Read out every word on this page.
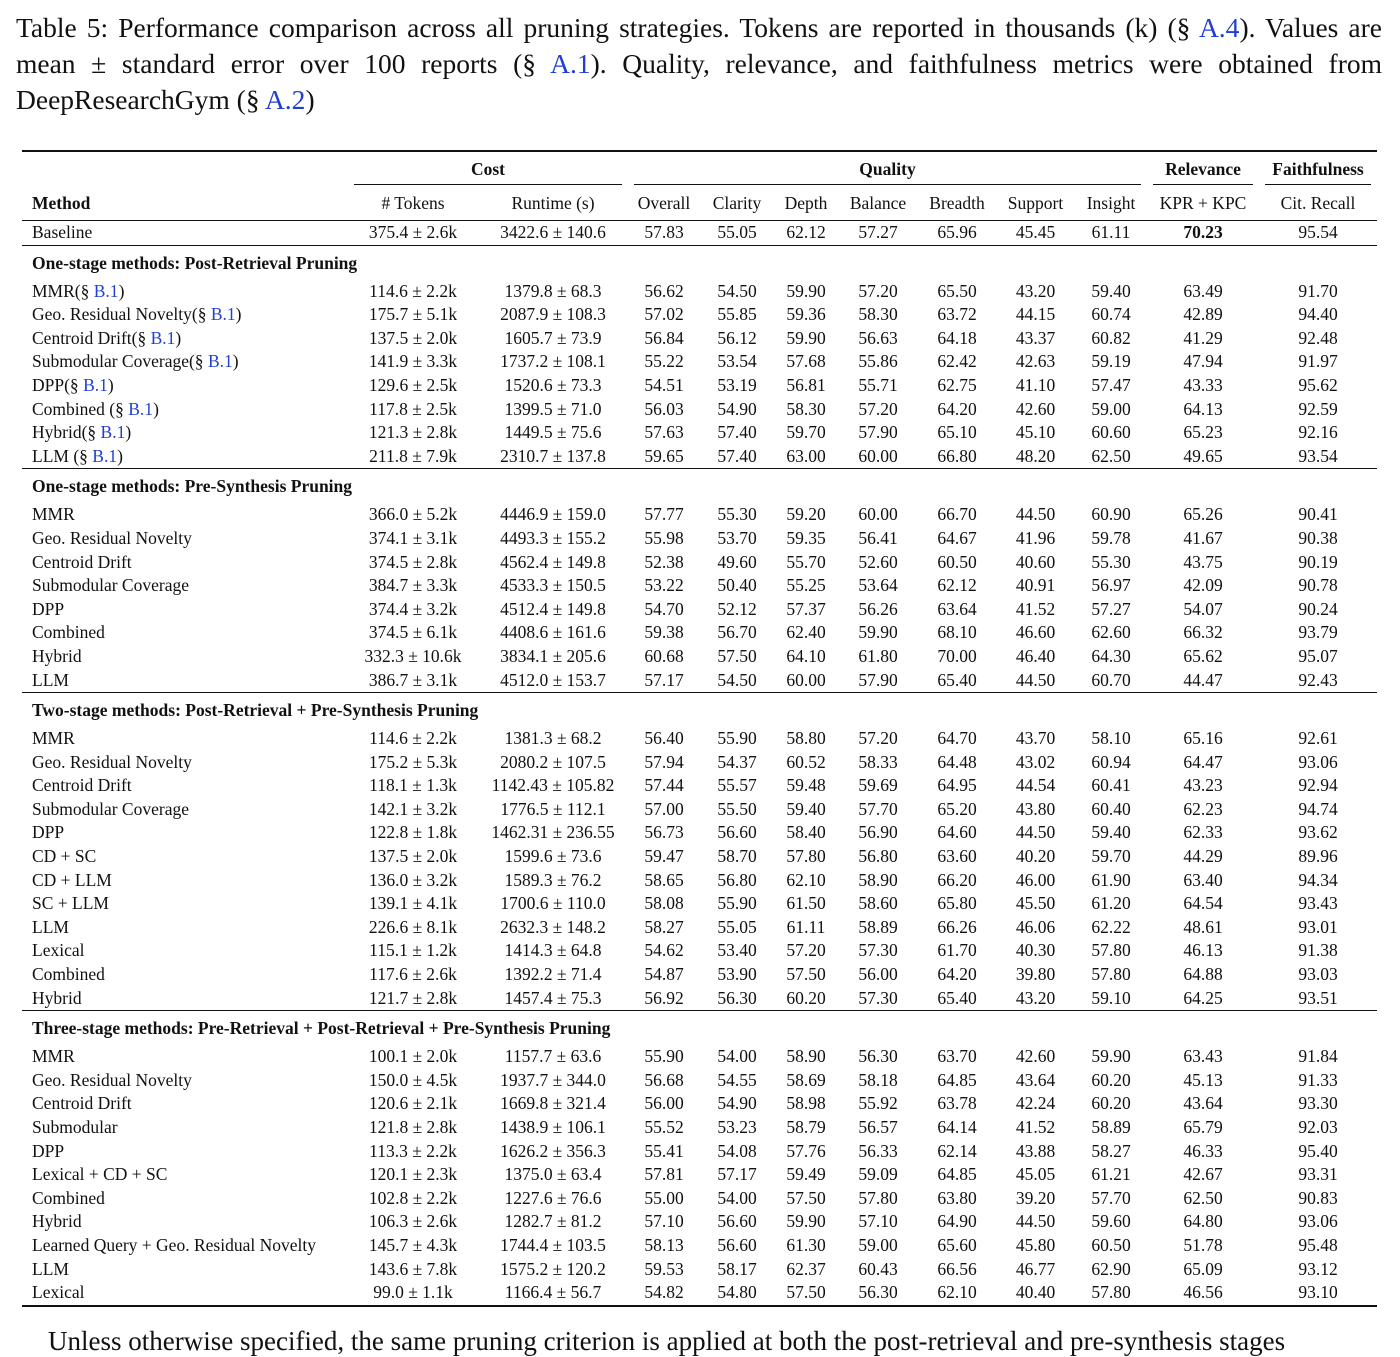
Table 5: Performance comparison across all pruning strategies. Tokens are reported in thousands (k) (§ A.4). Values are mean ± standard error over 100 reports (§ A.1). Quality, relevance, and faithfulness metrics were obtained from DeepResearchGym (§ A.2)

	Cost		Quality							Relevance	Faithfulness

Method	# Tokens	Runtime (s)	Overall	Clarity	Depth	Balance	Breadth	Support	Insight	KPR + KPC	Cit. Recall

Baseline	375.4 ± 2.6k	3422.6 ± 140.6	57.83	55.05	62.12	57.27	65.96	45.45	61.11	70.23	95.54

One-stage methods: Post-Retrieval Pruning											
MMR(§ B.1)	114.6 ± 2.2k	1379.8 ± 68.3	56.62	54.50	59.90	57.20	65.50	43.20	59.40	63.49	91.70
Geo. Residual Novelty(§ B.1)	175.7 ± 5.1k	2087.9 ± 108.3	57.02	55.85	59.36	58.30	63.72	44.15	60.74	42.89	94.40
Centroid Drift(§ B.1)	137.5 ± 2.0k	1605.7 ± 73.9	56.84	56.12	59.90	56.63	64.18	43.37	60.82	41.29	92.48
Submodular Coverage(§ B.1)	141.9 ± 3.3k	1737.2 ± 108.1	55.22	53.54	57.68	55.86	62.42	42.63	59.19	47.94	91.97
DPP(§ B.1)	129.6 ± 2.5k	1520.6 ± 73.3	54.51	53.19	56.81	55.71	62.75	41.10	57.47	43.33	95.62
Combined (§ B.1)	117.8 ± 2.5k	1399.5 ± 71.0	56.03	54.90	58.30	57.20	64.20	42.60	59.00	64.13	92.59
Hybrid(§ B.1)	121.3 ± 2.8k	1449.5 ± 75.6	57.63	57.40	59.70	57.90	65.10	45.10	60.60	65.23	92.16
LLM (§ B.1)	211.8 ± 7.9k	2310.7 ± 137.8	59.65	57.40	63.00	60.00	66.80	48.20	62.50	49.65	93.54

One-stage methods: Pre-Synthesis Pruning											
MMR	366.0 ± 5.2k	4446.9 ± 159.0	57.77	55.30	59.20	60.00	66.70	44.50	60.90	65.26	90.41
Geo. Residual Novelty	374.1 ± 3.1k	4493.3 ± 155.2	55.98	53.70	59.35	56.41	64.67	41.96	59.78	41.67	90.38
Centroid Drift	374.5 ± 2.8k	4562.4 ± 149.8	52.38	49.60	55.70	52.60	60.50	40.60	55.30	43.75	90.19
Submodular Coverage	384.7 ± 3.3k	4533.3 ± 150.5	53.22	50.40	55.25	53.64	62.12	40.91	56.97	42.09	90.78
DPP	374.4 ± 3.2k	4512.4 ± 149.8	54.70	52.12	57.37	56.26	63.64	41.52	57.27	54.07	90.24
Combined	374.5 ± 6.1k	4408.6 ± 161.6	59.38	56.70	62.40	59.90	68.10	46.60	62.60	66.32	93.79
Hybrid	332.3 ± 10.6k	3834.1 ± 205.6	60.68	57.50	64.10	61.80	70.00	46.40	64.30	65.62	95.07
LLM	386.7 ± 3.1k	4512.0 ± 153.7	57.17	54.50	60.00	57.90	65.40	44.50	60.70	44.47	92.43

Two-stage methods: Post-Retrieval + Pre-Synthesis Pruning											
MMR	114.6 ± 2.2k	1381.3 ± 68.2	56.40	55.90	58.80	57.20	64.70	43.70	58.10	65.16	92.61
Geo. Residual Novelty	175.2 ± 5.3k	2080.2 ± 107.5	57.94	54.37	60.52	58.33	64.48	43.02	60.94	64.47	93.06
Centroid Drift	118.1 ± 1.3k	1142.43 ± 105.82	57.44	55.57	59.48	59.69	64.95	44.54	60.41	43.23	92.94
Submodular Coverage	142.1 ± 3.2k	1776.5 ± 112.1	57.00	55.50	59.40	57.70	65.20	43.80	60.40	62.23	94.74
DPP	122.8 ± 1.8k	1462.31 ± 236.55	56.73	56.60	58.40	56.90	64.60	44.50	59.40	62.33	93.62
CD + SC	137.5 ± 2.0k	1599.6 ± 73.6	59.47	58.70	57.80	56.80	63.60	40.20	59.70	44.29	89.96
CD + LLM	136.0 ± 3.2k	1589.3 ± 76.2	58.65	56.80	62.10	58.90	66.20	46.00	61.90	63.40	94.34
SC + LLM	139.1 ± 4.1k	1700.6 ± 110.0	58.08	55.90	61.50	58.60	65.80	45.50	61.20	64.54	93.43
LLM	226.6 ± 8.1k	2632.3 ± 148.2	58.27	55.05	61.11	58.89	66.26	46.06	62.22	48.61	93.01
Lexical	115.1 ± 1.2k	1414.3 ± 64.8	54.62	53.40	57.20	57.30	61.70	40.30	57.80	46.13	91.38
Combined	117.6 ± 2.6k	1392.2 ± 71.4	54.87	53.90	57.50	56.00	64.20	39.80	57.80	64.88	93.03
Hybrid	121.7 ± 2.8k	1457.4 ± 75.3	56.92	56.30	60.20	57.30	65.40	43.20	59.10	64.25	93.51

Three-stage methods: Pre-Retrieval + Post-Retrieval + Pre-Synthesis Pruning											
MMR	100.1 ± 2.0k	1157.7 ± 63.6	55.90	54.00	58.90	56.30	63.70	42.60	59.90	63.43	91.84
Geo. Residual Novelty	150.0 ± 4.5k	1937.7 ± 344.0	56.68	54.55	58.69	58.18	64.85	43.64	60.20	45.13	91.33
Centroid Drift	120.6 ± 2.1k	1669.8 ± 321.4	56.00	54.90	58.98	55.92	63.78	42.24	60.20	43.64	93.30
Submodular	121.8 ± 2.8k	1438.9 ± 106.1	55.52	53.23	58.79	56.57	64.14	41.52	58.89	65.79	92.03
DPP	113.3 ± 2.2k	1626.2 ± 356.3	55.41	54.08	57.76	56.33	62.14	43.88	58.27	46.33	95.40
Lexical + CD + SC	120.1 ± 2.3k	1375.0 ± 63.4	57.81	57.17	59.49	59.09	64.85	45.05	61.21	42.67	93.31
Combined	102.8 ± 2.2k	1227.6 ± 76.6	55.00	54.00	57.50	57.80	63.80	39.20	57.70	62.50	90.83
Hybrid	106.3 ± 2.6k	1282.7 ± 81.2	57.10	56.60	59.90	57.10	64.90	44.50	59.60	64.80	93.06
Learned Query + Geo. Residual Novelty	145.7 ± 4.3k	1744.4 ± 103.5	58.13	56.60	61.30	59.00	65.60	45.80	60.50	51.78	95.48
LLM	143.6 ± 7.8k	1575.2 ± 120.2	59.53	58.17	62.37	60.43	66.56	46.77	62.90	65.09	93.12
Lexical	99.0 ± 1.1k	1166.4 ± 56.7	54.82	54.80	57.50	56.30	62.10	40.40	57.80	46.56	93.10

Unless otherwise specified, the same pruning criterion is applied at both the post-retrieval and pre-synthesis stages
